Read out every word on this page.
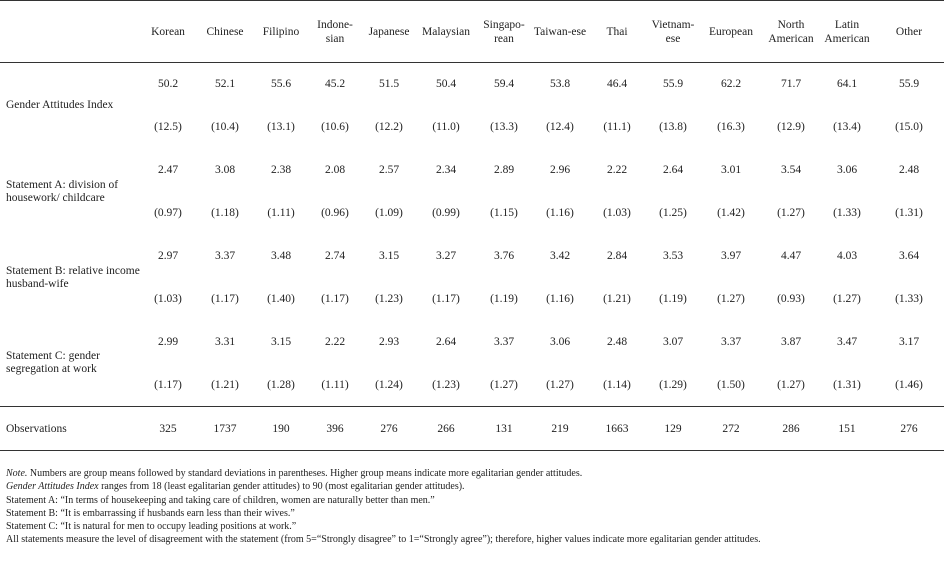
	Korean	Chinese	Filipino	Indone-sian	Japanese	Malaysian	Singapo-rean	Taiwan-ese	Thai	Vietnam-ese	European	North American	Latin American	Other
Gender Attitudes Index	50.2	52.1	55.6	45.2	51.5	50.4	59.4	53.8	46.4	55.9	62.2	71.7	64.1	55.9
	(12.5)	(10.4)	(13.1)	(10.6)	(12.2)	(11.0)	(13.3)	(12.4)	(11.1)	(13.8)	(16.3)	(12.9)	(13.4)	(15.0)
Statement A: division of housework/ childcare	2.47	3.08	2.38	2.08	2.57	2.34	2.89	2.96	2.22	2.64	3.01	3.54	3.06	2.48
	(0.97)	(1.18)	(1.11)	(0.96)	(1.09)	(0.99)	(1.15)	(1.16)	(1.03)	(1.25)	(1.42)	(1.27)	(1.33)	(1.31)
Statement B: relative income husband-wife	2.97	3.37	3.48	2.74	3.15	3.27	3.76	3.42	2.84	3.53	3.97	4.47	4.03	3.64
	(1.03)	(1.17)	(1.40)	(1.17)	(1.23)	(1.17)	(1.19)	(1.16)	(1.21)	(1.19)	(1.27)	(0.93)	(1.27)	(1.33)
Statement C: gender segregation at work	2.99	3.31	3.15	2.22	2.93	2.64	3.37	3.06	2.48	3.07	3.37	3.87	3.47	3.17
	(1.17)	(1.21)	(1.28)	(1.11)	(1.24)	(1.23)	(1.27)	(1.27)	(1.14)	(1.29)	(1.50)	(1.27)	(1.31)	(1.46)
Observations	325	1737	190	396	276	266	131	219	1663	129	272	286	151	276

Note. Numbers are group means followed by standard deviations in parentheses. Higher group means indicate more egalitarian gender attitudes.

Gender Attitudes Index ranges from 18 (least egalitarian gender attitudes) to 90 (most egalitarian gender attitudes).

Statement A: “In terms of housekeeping and taking care of children, women are naturally better than men.”

Statement B: “It is embarrassing if husbands earn less than their wives.”

Statement C: “It is natural for men to occupy leading positions at work.”

All statements measure the level of disagreement with the statement (from 5=“Strongly disagree” to 1=“Strongly agree”); therefore, higher values indicate more egalitarian gender attitudes.
